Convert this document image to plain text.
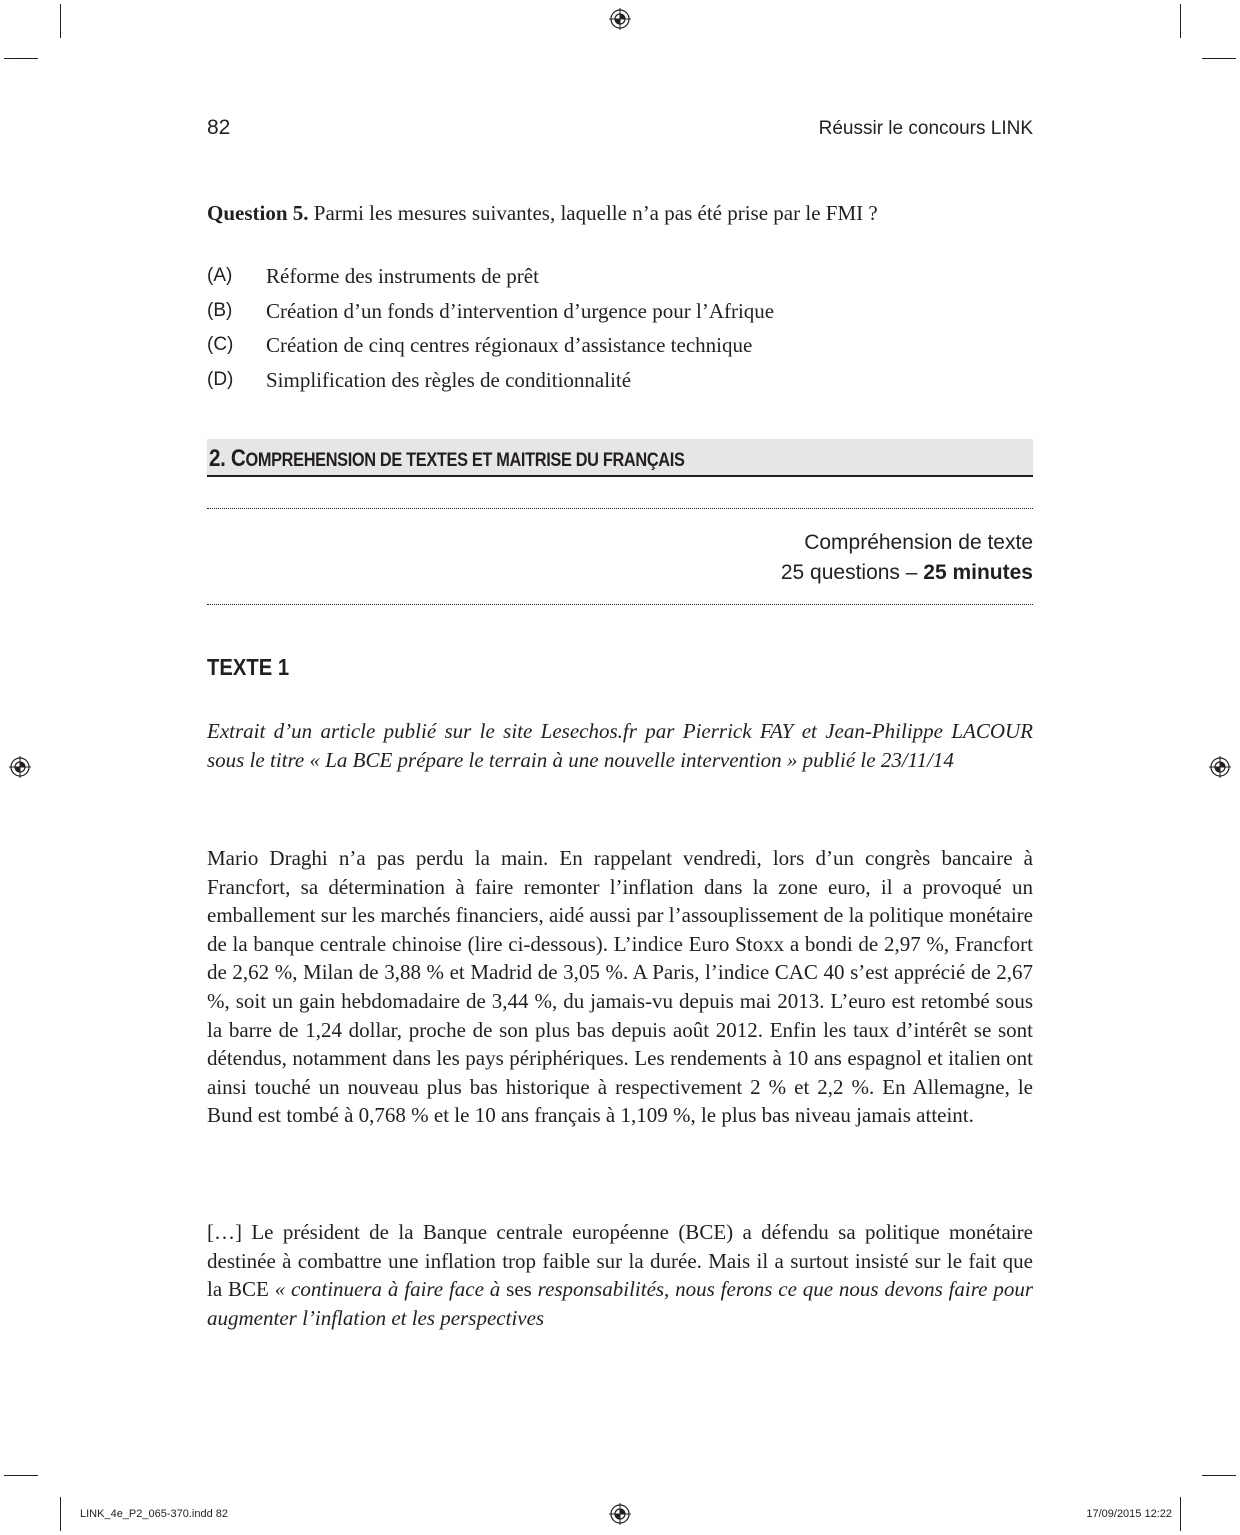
82	Réussir le concours LINK
Question 5. Parmi les mesures suivantes, laquelle n’a pas été prise par le FMI ?
(A)	Réforme des instruments de prêt
(B)	Création d’un fonds d’intervention d’urgence pour l’Afrique
(C)	Création de cinq centres régionaux d’assistance technique
(D)	Simplification des règles de conditionnalité
2. COMPREHENSION DE TEXTES ET MAITRISE DU FRANÇAIS
Compréhension de texte
25 questions – 25 minutes
TEXTE 1
Extrait d’un article publié sur le site Lesechos.fr par Pierrick FAY et Jean-Philippe LACOUR sous le titre « La BCE prépare le terrain à une nouvelle intervention » publié le 23/11/14
Mario Draghi n’a pas perdu la main. En rappelant vendredi, lors d’un congrès bancaire à Francfort, sa détermination à faire remonter l’inflation dans la zone euro, il a provoqué un emballement sur les marchés financiers, aidé aussi par l’assouplissement de la politique monétaire de la banque centrale chinoise (lire ci-dessous). L’indice Euro Stoxx a bondi de 2,97 %, Francfort de 2,62 %, Milan de 3,88 % et Madrid de 3,05 %. A Paris, l’indice CAC 40 s’est apprécié de 2,67 %, soit un gain hebdomadaire de 3,44 %, du jamais-vu depuis mai 2013. L’euro est retombé sous la barre de 1,24 dollar, proche de son plus bas depuis août 2012. Enfin les taux d’intérêt se sont détendus, notamment dans les pays périphériques. Les rendements à 10 ans espagnol et italien ont ainsi touché un nouveau plus bas historique à respectivement 2 % et 2,2 %. En Allemagne, le Bund est tombé à 0,768 % et le 10 ans français à 1,109 %, le plus bas niveau jamais atteint.
[…] Le président de la Banque centrale européenne (BCE) a défendu sa politique monétaire destinée à combattre une inflation trop faible sur la durée. Mais il a surtout insisté sur le fait que la BCE « continuera à faire face à ses responsabilités, nous ferons ce que nous devons faire pour augmenter l’inflation et les perspectives
LINK_4e_P2_065-370.indd 82	17/09/2015 12:22
